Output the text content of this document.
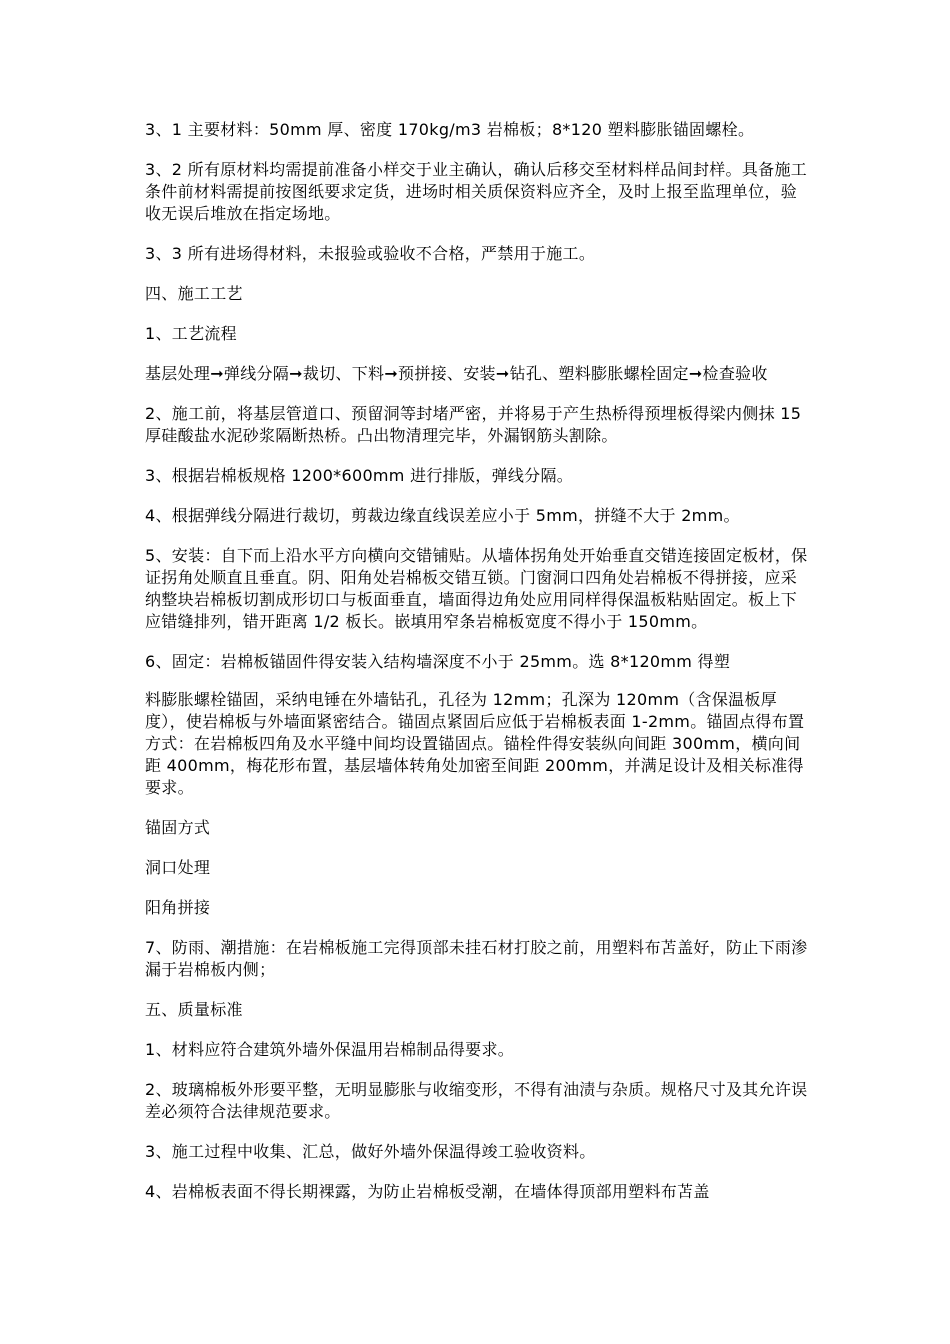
3、1 主要材料：50mm 厚、密度 170kg/m3 岩棉板；8*120 塑料膨胀锚固螺栓。

3、2 所有原材料均需提前准备小样交于业主确认，确认后移交至材料样品间封样。具备施工条件前材料需提前按图纸要求定货，进场时相关质保资料应齐全，及时上报至监理单位，验收无误后堆放在指定场地。

3、3 所有进场得材料，未报验或验收不合格，严禁用于施工。

四、施工工艺

1、工艺流程

基层处理➞弹线分隔➞裁切、下料➞预拼接、安装➞钻孔、塑料膨胀螺栓固定➞检查验收

2、施工前，将基层管道口、预留洞等封堵严密，并将易于产生热桥得预埋板得梁内侧抹 15 厚硅酸盐水泥砂浆隔断热桥。凸出物清理完毕，外漏钢筋头割除。

3、根据岩棉板规格 1200*600mm 进行排版，弹线分隔。

4、根据弹线分隔进行裁切，剪裁边缘直线误差应小于 5mm，拼缝不大于 2mm。

5、安装：自下而上沿水平方向横向交错铺贴。从墙体拐角处开始垂直交错连接固定板材，保证拐角处顺直且垂直。阴、阳角处岩棉板交错互锁。门窗洞口四角处岩棉板不得拼接，应采纳整块岩棉板切割成形切口与板面垂直，墙面得边角处应用同样得保温板粘贴固定。板上下应错缝排列，错开距离 1/2 板长。嵌填用窄条岩棉板宽度不得小于 150mm。

6、固定：岩棉板锚固件得安装入结构墙深度不小于 25mm。选 8*120mm 得塑

料膨胀螺栓锚固，采纳电锤在外墙钻孔，孔径为 12mm；孔深为 120mm（含保温板厚度），使岩棉板与外墙面紧密结合。锚固点紧固后应低于岩棉板表面 1-2mm。锚固点得布置方式：在岩棉板四角及水平缝中间均设置锚固点。锚栓件得安装纵向间距 300mm，横向间距 400mm，梅花形布置，基层墙体转角处加密至间距 200mm，并满足设计及相关标准得要求。

锚固方式

洞口处理

阳角拼接

7、防雨、潮措施：在岩棉板施工完得顶部未挂石材打胶之前，用塑料布苫盖好，防止下雨渗漏于岩棉板内侧；

五、质量标准

1、材料应符合建筑外墙外保温用岩棉制品得要求。

2、玻璃棉板外形要平整，无明显膨胀与收缩变形，不得有油渍与杂质。规格尺寸及其允许误差必须符合法律规范要求。

3、施工过程中收集、汇总，做好外墙外保温得竣工验收资料。

4、岩棉板表面不得长期裸露，为防止岩棉板受潮，在墙体得顶部用塑料布苫盖
